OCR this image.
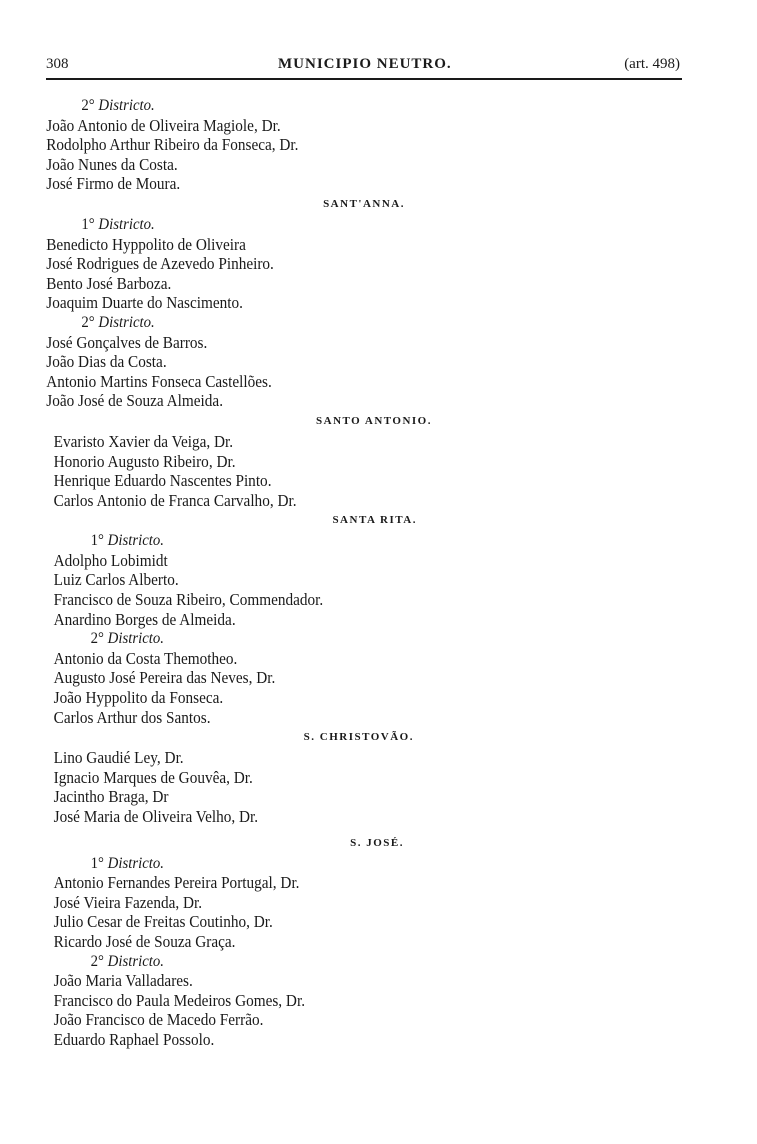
308	MUNICIPIO NEUTRO.	(art. 498)
2° Districto.
João Antonio de Oliveira Magiole, Dr.
Rodolpho Arthur Ribeiro da Fonseca, Dr.
João Nunes da Costa.
José Firmo de Moura.
SANT'ANNA.
1° Districto.
Benedicto Hyppolito de Oliveira
José Rodrigues de Azevedo Pinheiro.
Bento José Barboza.
Joaquim Duarte do Nascimento.
2° Districto.
José Gonçalves de Barros.
João Dias da Costa.
Antonio Martins Fonseca Castellões.
João José de Souza Almeida.
SANTO ANTONIO.
Evaristo Xavier da Veiga, Dr.
Honorio Augusto Ribeiro, Dr.
Henrique Eduardo Nascentes Pinto.
Carlos Antonio de Franca Carvalho, Dr.
SANTA RITA.
1° Districto.
Adolpho Lobimidt
Luiz Carlos Alberto.
Francisco de Souza Ribeiro, Commendador.
Anardino Borges de Almeida.
2° Districto.
Antonio da Costa Themotheo.
Augusto José Pereira das Neves, Dr.
João Hyppolito da Fonseca.
Carlos Arthur dos Santos.
S. CHRISTOVÃO.
Lino Gaudié Ley, Dr.
Ignacio Marques de Gouvêa, Dr.
Jacintho Braga, Dr
José Maria de Oliveira Velho, Dr.
S. JOSÉ.
1° Districto.
Antonio Fernandes Pereira Portugal, Dr.
José Vieira Fazenda, Dr.
Julio Cesar de Freitas Coutinho, Dr.
Ricardo José de Souza Graça.
2° Districto.
João Maria Valladares.
Francisco do Paula Medeiros Gomes, Dr.
João Francisco de Macedo Ferrão.
Eduardo Raphael Possolo.
